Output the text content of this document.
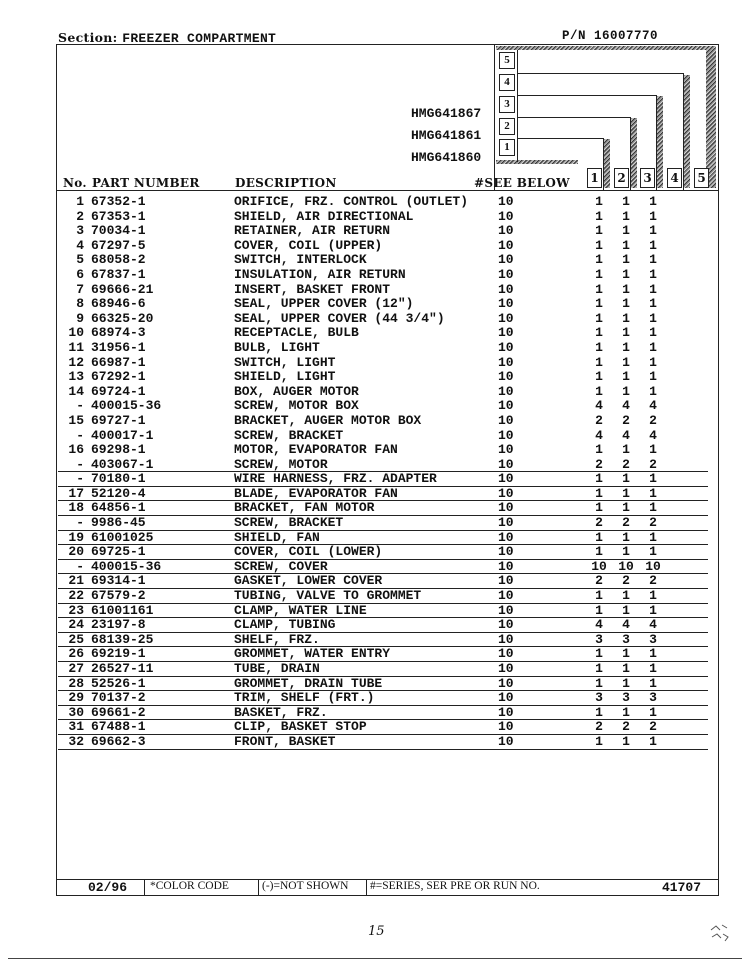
Section: FREEZER COMPARTMENT	P/N 16007770
5
4
3
2
1
HMG641867
HMG641861
HMG641860
No. PART NUMBER	DESCRIPTION	#SEE BELOW 1 2 3 4 5
1 67352-1	ORIFICE, FRZ. CONTROL (OUTLET) 10	1	1	1
2 67353-1	SHIELD, AIR DIRECTIONAL	10	1	1	1
3 70034-1	RETAINER, AIR RETURN	10	1	1	1
4 67297-5	COVER, COIL (UPPER)	10	1	1	1
5 68058-2	SWITCH, INTERLOCK	10	1	1	1
6 67837-1	INSULATION, AIR RETURN	10	1	1	1
7 69666-21	INSERT, BASKET FRONT	10	1	1	1
8 68946-6	SEAL, UPPER COVER (12")	10	1	1	1
9 66325-20	SEAL, UPPER COVER (44 3/4")	10	1	1	1
10 68974-3	RECEPTACLE, BULB	10	1	1	1
11 31956-1	BULB, LIGHT	10	1	1	1
12 66987-1	SWITCH, LIGHT	10	1	1	1
13 67292-1	SHIELD, LIGHT	10	1	1	1
14 69724-1	BOX, AUGER MOTOR	10	1	1	1
- 400015-36	SCREW, MOTOR BOX	10	4	4	4
15 69727-1	BRACKET, AUGER MOTOR BOX	10	2	2	2
- 400017-1	SCREW, BRACKET	10	4	4	4
16 69298-1	MOTOR, EVAPORATOR FAN	10	1	1	1
- 403067-1	SCREW, MOTOR	10	2	2	2
- 70180-1	WIRE HARNESS, FRZ. ADAPTER	10	1	1	1
17 52120-4	BLADE, EVAPORATOR FAN	10	1	1	1
18 64856-1	BRACKET, FAN MOTOR	10	1	1	1
- 9986-45	SCREW, BRACKET	10	2	2	2
19 61001025	SHIELD, FAN	10	1	1	1
20 69725-1	COVER, COIL (LOWER)	10	1	1	1
- 400015-36	SCREW, COVER	10	10 10 10
21 69314-1	GASKET, LOWER COVER	10	2	2	2
22 67579-2	TUBING, VALVE TO GROMMET	10	1	1	1
23 61001161	CLAMP, WATER LINE	10	1	1	1
24 23197-8	CLAMP, TUBING	10	4	4	4
25 68139-25	SHELF, FRZ.	10	3	3	3
26 69219-1	GROMMET, WATER ENTRY	10	1	1	1
27 26527-11	TUBE, DRAIN	10	1	1	1
28 52526-1	GROMMET, DRAIN TUBE	10	1	1	1
29 70137-2	TRIM, SHELF (FRT.)	10	3	3	3
30 69661-2	BASKET, FRZ.	10	1	1	1
31 67488-1	CLIP, BASKET STOP	10	2	2	2
32 69662-3	FRONT, BASKET	10	1	1	1
02/96 *COLOR CODE	(-)=NOT SHOWN #=SERIES, SER PRE OR RUN NO.	41707
15
